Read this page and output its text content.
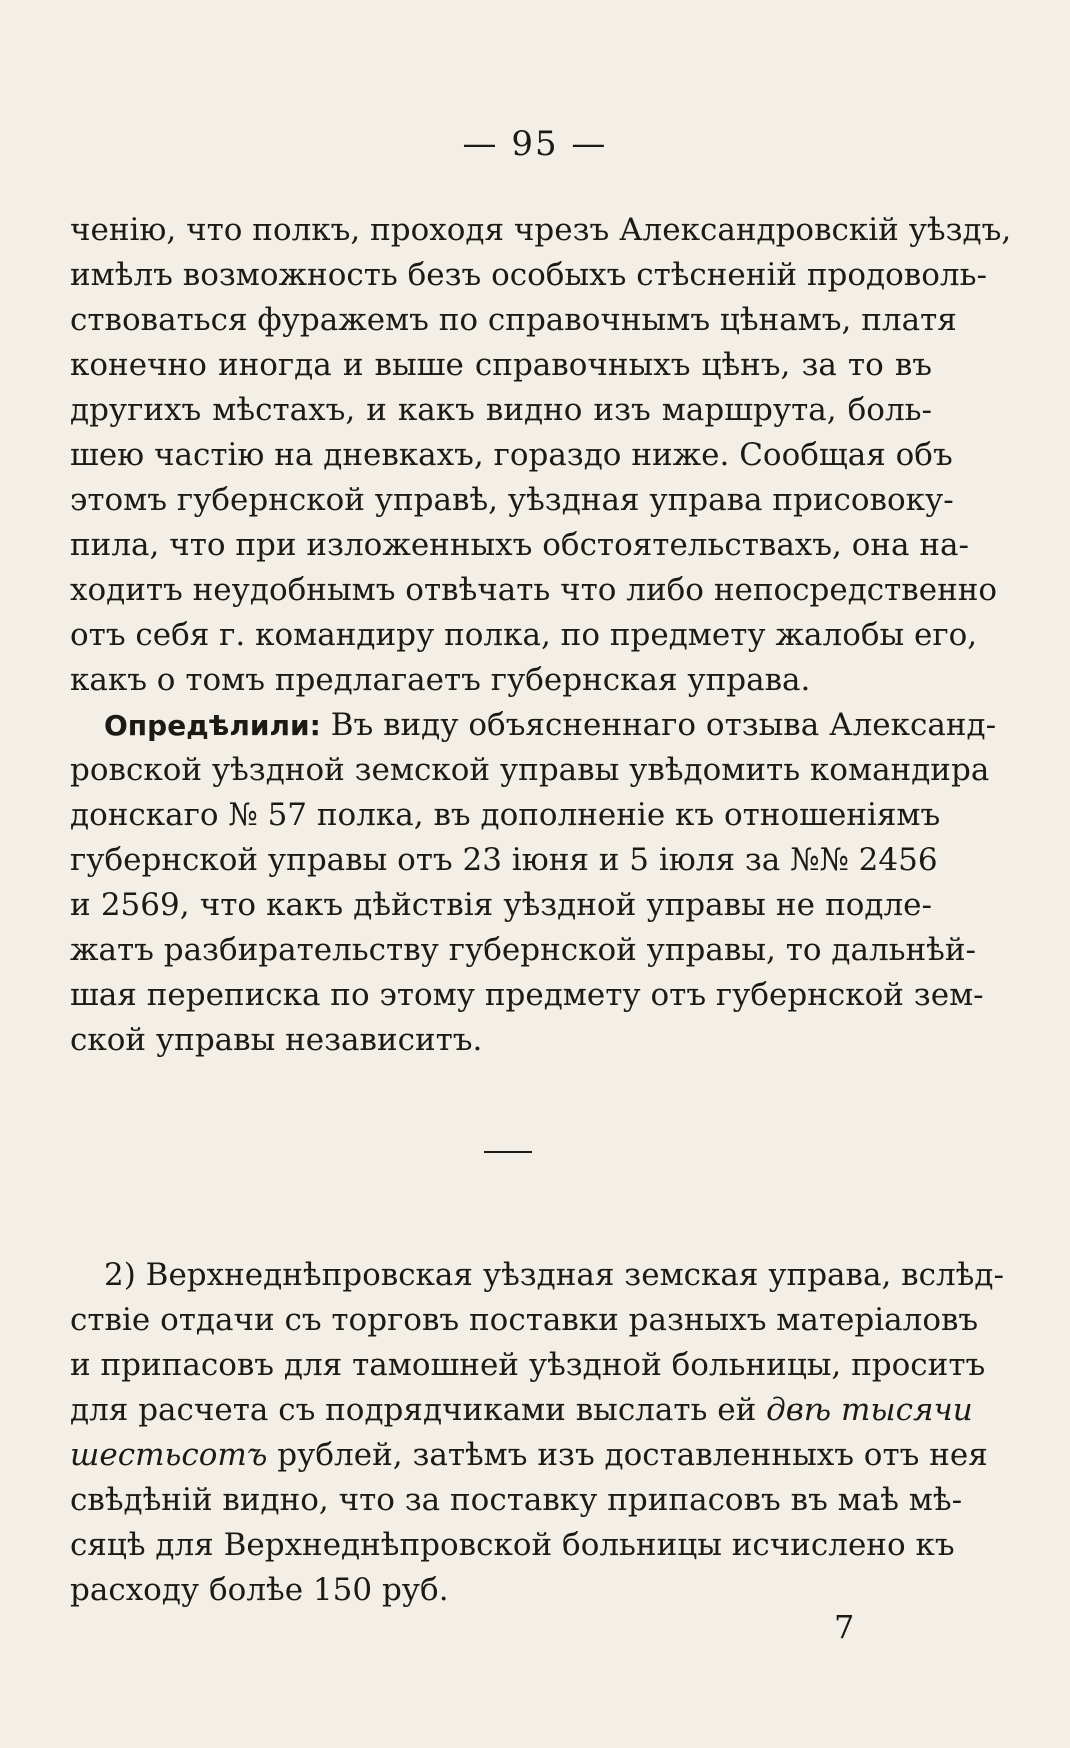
— 95 —
ченію, что полкъ, проходя чрезъ Александровскій уѣздъ,
имѣлъ возможность безъ особыхъ стѣсненій продоволь-
ствоваться фуражемъ по справочнымъ цѣнамъ, платя
конечно иногда и выше справочныхъ цѣнъ, за то въ
другихъ мѣстахъ, и какъ видно изъ маршрута, боль-
шею частію на дневкахъ, гораздо ниже. Сообщая объ
этомъ губернской управѣ, уѣздная управа присовоку-
пила, что при изложенныхъ обстоятельствахъ, она на-
ходитъ неудобнымъ отвѣчать что либо непосредственно
отъ себя г. командиру полка, по предмету жалобы его,
какъ о томъ предлагаетъ губернская управа.
Опредѣлили: Въ виду объясненнаго отзыва Александ-
ровской уѣздной земской управы увѣдомить командира
донскаго № 57 полка, въ дополненіе къ отношеніямъ
губернской управы отъ 23 іюня и 5 іюля за №№ 2456
и 2569, что какъ дѣйствія уѣздной управы не подле-
жатъ разбирательству губернской управы, то дальнѣй-
шая переписка по этому предмету отъ губернской зем-
ской управы независитъ.
2) Верхнеднѣпровская уѣздная земская управа, вслѣд-
ствіе отдачи съ торговъ поставки разныхъ матеріаловъ
и припасовъ для тамошней уѣздной больницы, проситъ
для расчета съ подрядчиками выслать ей двѣ тысячи
шестьсотъ рублей, затѣмъ изъ доставленныхъ отъ нея
свѣдѣній видно, что за поставку припасовъ въ маѣ мѣ-
сяцѣ для Верхнеднѣпровской больницы исчислено къ
расходу болѣе 150 руб.
7
